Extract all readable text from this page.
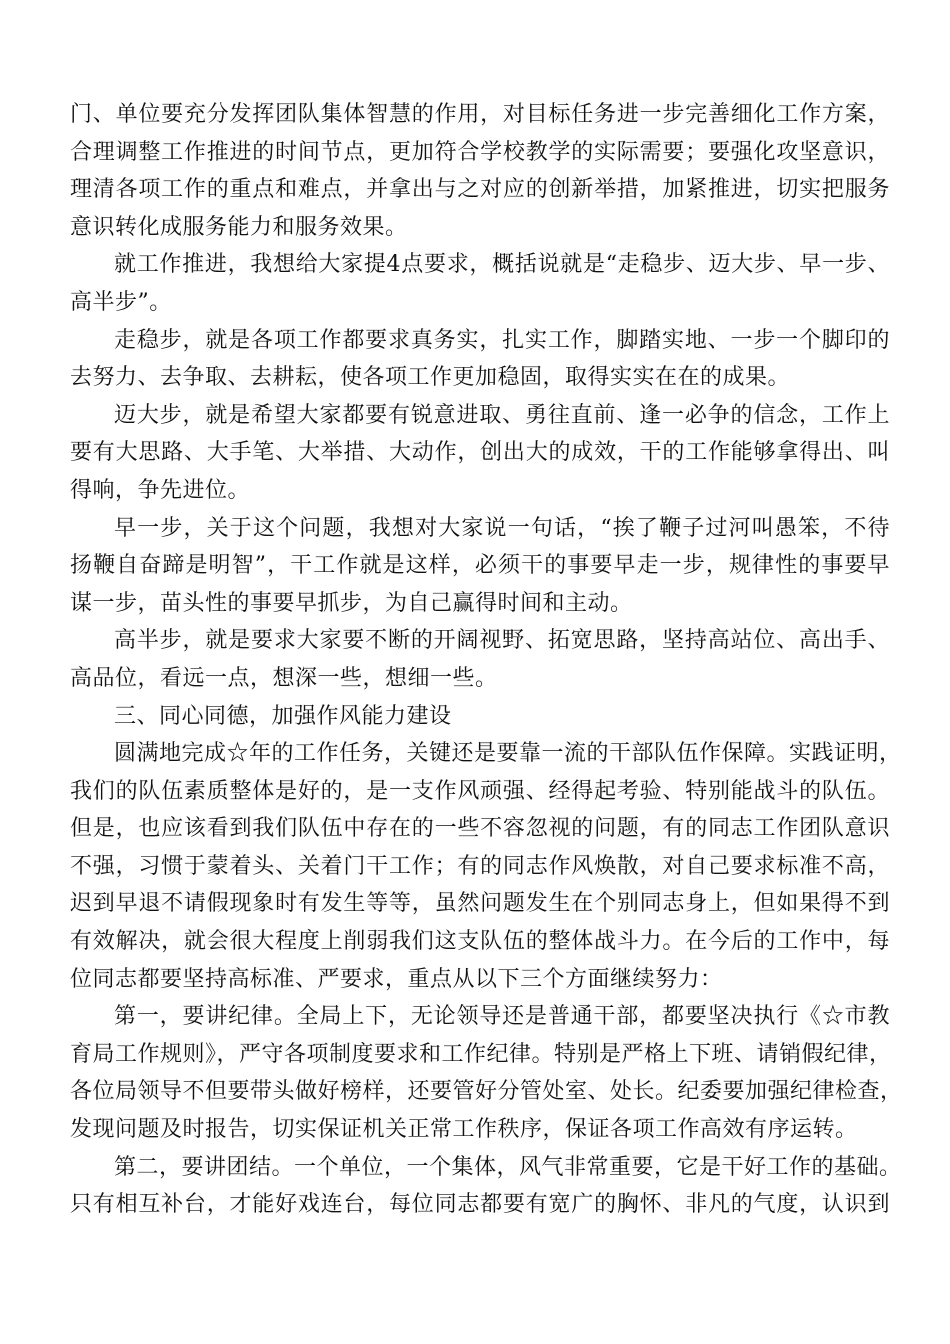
门、单位要充分发挥团队集体智慧的作用，对目标任务进一步完善细化工作方案，
合理调整工作推进的时间节点，更加符合学校教学的实际需要；要强化攻坚意识，
理清各项工作的重点和难点，并拿出与之对应的创新举措，加紧推进，切实把服务
意识转化成服务能力和服务效果。
就工作推进，我想给大家提4点要求，概括说就是“走稳步、迈大步、早一步、
高半步”。
走稳步，就是各项工作都要求真务实，扎实工作，脚踏实地、一步一个脚印的
去努力、去争取、去耕耘，使各项工作更加稳固，取得实实在在的成果。
迈大步，就是希望大家都要有锐意进取、勇往直前、逢一必争的信念，工作上
要有大思路、大手笔、大举措、大动作，创出大的成效，干的工作能够拿得出、叫
得响，争先进位。
早一步，关于这个问题，我想对大家说一句话，“挨了鞭子过河叫愚笨，不待
扬鞭自奋蹄是明智”，干工作就是这样，必须干的事要早走一步，规律性的事要早
谋一步，苗头性的事要早抓步，为自己赢得时间和主动。
高半步，就是要求大家要不断的开阔视野、拓宽思路，坚持高站位、高出手、
高品位，看远一点，想深一些，想细一些。
三、同心同德，加强作风能力建设
圆满地完成☆年的工作任务，关键还是要靠一流的干部队伍作保障。实践证明，
我们的队伍素质整体是好的，是一支作风顽强、经得起考验、特别能战斗的队伍。
但是，也应该看到我们队伍中存在的一些不容忽视的问题，有的同志工作团队意识
不强，习惯于蒙着头、关着门干工作；有的同志作风焕散，对自己要求标准不高，
迟到早退不请假现象时有发生等等，虽然问题发生在个别同志身上，但如果得不到
有效解决，就会很大程度上削弱我们这支队伍的整体战斗力。在今后的工作中，每
位同志都要坚持高标准、严要求，重点从以下三个方面继续努力：
第一，要讲纪律。全局上下，无论领导还是普通干部，都要坚决执行《☆市教
育局工作规则》，严守各项制度要求和工作纪律。特别是严格上下班、请销假纪律，
各位局领导不但要带头做好榜样，还要管好分管处室、处长。纪委要加强纪律检查，
发现问题及时报告，切实保证机关正常工作秩序，保证各项工作高效有序运转。
第二，要讲团结。一个单位，一个集体，风气非常重要，它是干好工作的基础。
只有相互补台，才能好戏连台，每位同志都要有宽广的胸怀、非凡的气度，认识到
